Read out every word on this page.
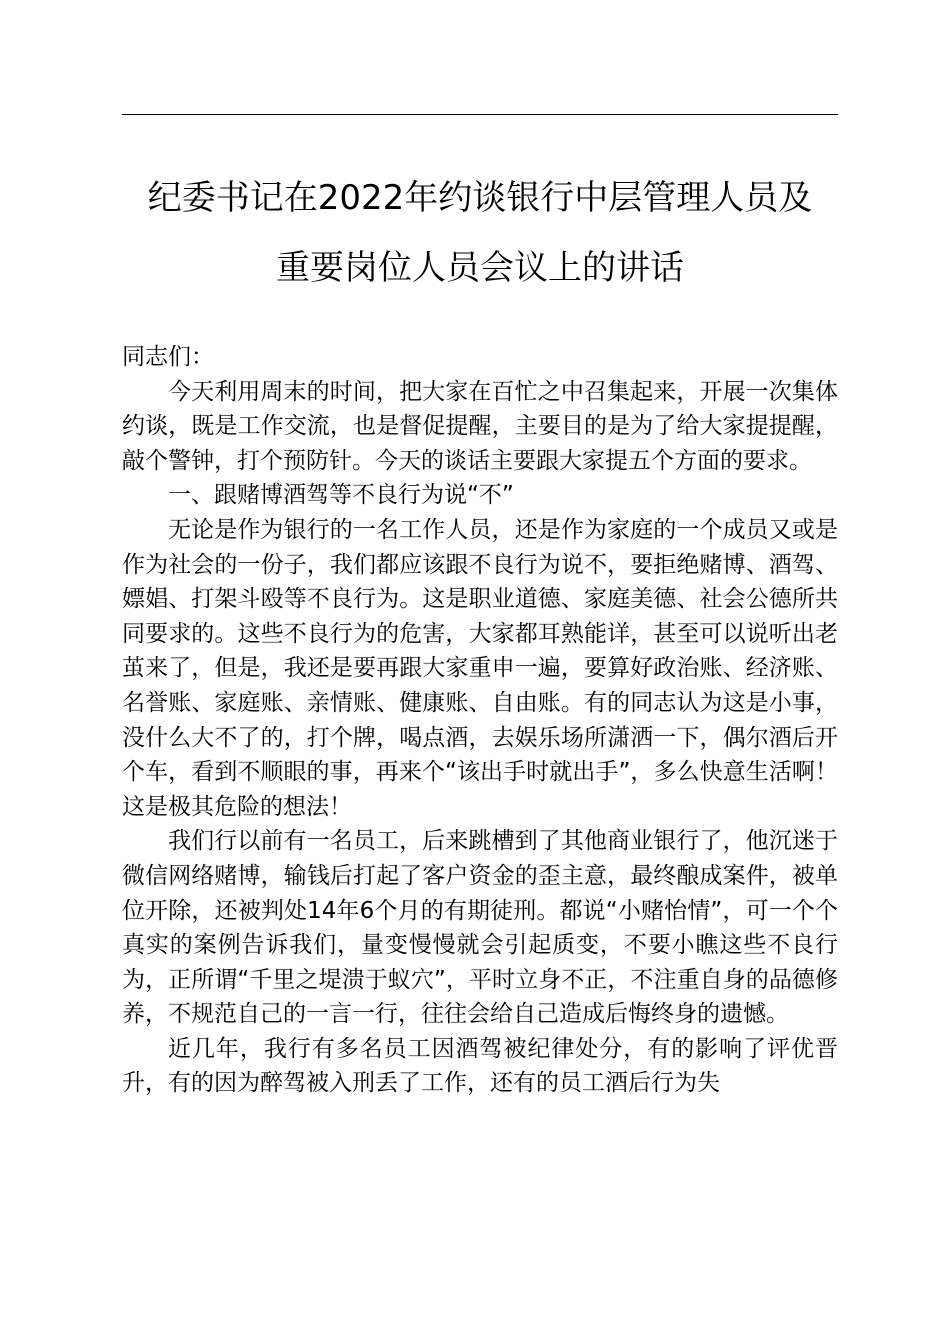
纪委书记在2022年约谈银行中层管理人员及
重要岗位人员会议上的讲话

同志们：

今天利用周末的时间，把大家在百忙之中召集起来，开展一次集体约谈，既是工作交流，也是督促提醒，主要目的是为了给大家提提醒，敲个警钟，打个预防针。今天的谈话主要跟大家提五个方面的要求。

一、跟赌博酒驾等不良行为说“不”

无论是作为银行的一名工作人员，还是作为家庭的一个成员又或是作为社会的一份子，我们都应该跟不良行为说不，要拒绝赌博、酒驾、嫖娼、打架斗殴等不良行为。这是职业道德、家庭美德、社会公德所共同要求的。这些不良行为的危害，大家都耳熟能详，甚至可以说听出老茧来了，但是，我还是要再跟大家重申一遍，要算好政治账、经济账、名誉账、家庭账、亲情账、健康账、自由账。有的同志认为这是小事，没什么大不了的，打个牌，喝点酒，去娱乐场所潇洒一下，偶尔酒后开个车，看到不顺眼的事，再来个“该出手时就出手”，多么快意生活啊！这是极其危险的想法！

我们行以前有一名员工，后来跳槽到了其他商业银行了，他沉迷于微信网络赌博，输钱后打起了客户资金的歪主意，最终酿成案件，被单位开除，还被判处14年6个月的有期徒刑。都说“小赌怡情”，可一个个真实的案例告诉我们，量变慢慢就会引起质变，不要小瞧这些不良行为，正所谓“千里之堤溃于蚁穴”，平时立身不正，不注重自身的品德修养，不规范自己的一言一行，往往会给自己造成后悔终身的遗憾。

近几年，我行有多名员工因酒驾被纪律处分，有的影响了评优晋升，有的因为醉驾被入刑丢了工作，还有的员工酒后行为失
